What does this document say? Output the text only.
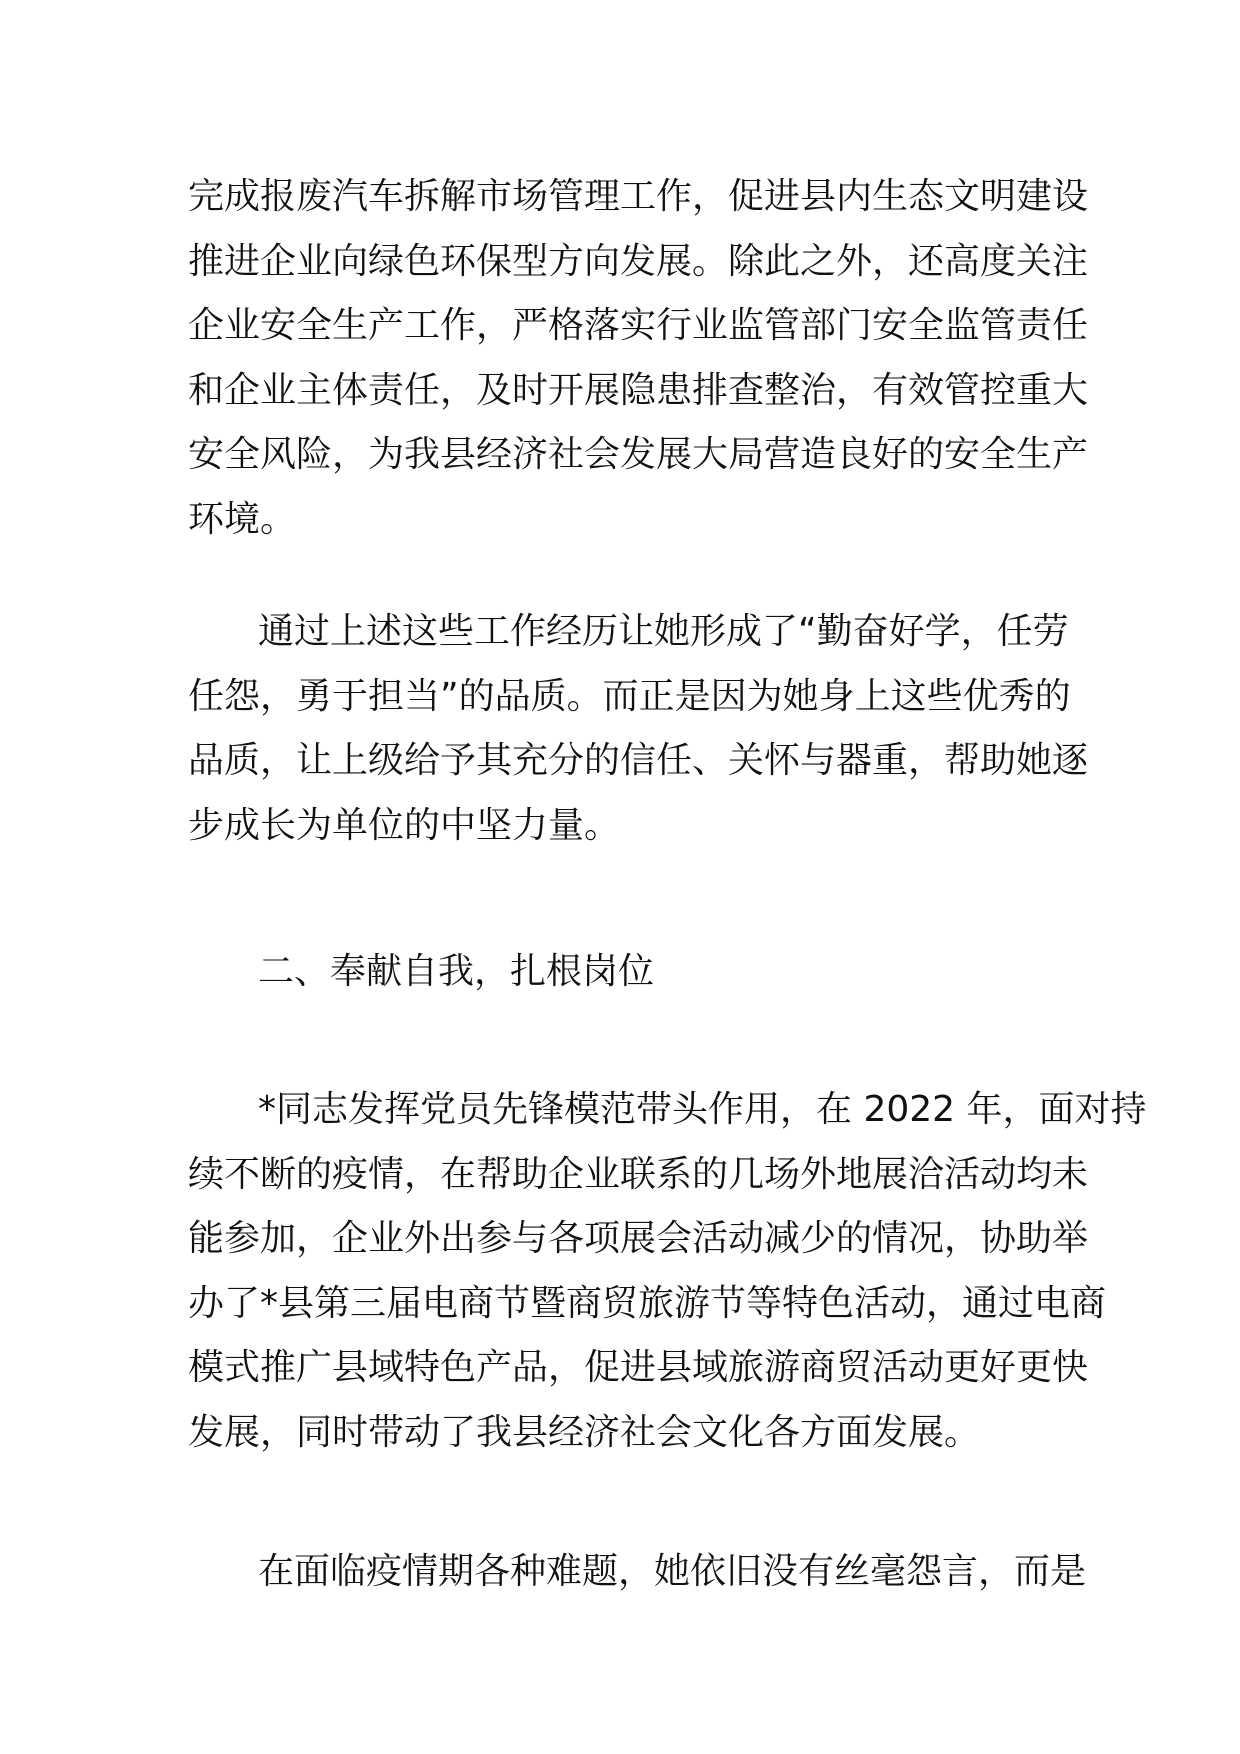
完成报废汽车拆解市场管理工作，促进县内生态文明建设
推进企业向绿色环保型方向发展。除此之外，还高度关注
企业安全生产工作，严格落实行业监管部门安全监管责任
和企业主体责任，及时开展隐患排查整治，有效管控重大
安全风险，为我县经济社会发展大局营造良好的安全生产
环境。
通过上述这些工作经历让她形成了“勤奋好学，任劳
任怨，勇于担当”的品质。而正是因为她身上这些优秀的
品质，让上级给予其充分的信任、关怀与器重，帮助她逐
步成长为单位的中坚力量。
二、奉献自我，扎根岗位
*同志发挥党员先锋模范带头作用，在 2022 年，面对持
续不断的疫情，在帮助企业联系的几场外地展洽活动均未
能参加，企业外出参与各项展会活动减少的情况，协助举
办了*县第三届电商节暨商贸旅游节等特色活动，通过电商
模式推广县域特色产品，促进县域旅游商贸活动更好更快
发展，同时带动了我县经济社会文化各方面发展。
在面临疫情期各种难题，她依旧没有丝毫怨言，而是
